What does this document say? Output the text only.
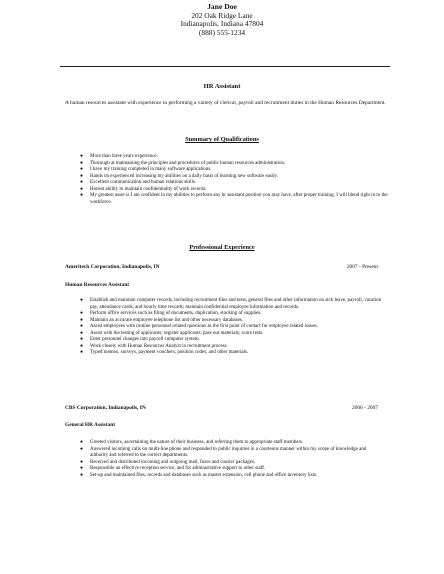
Jane Doe
202 Oak Ridge Lane
Indianapolis, Indiana 47804
(888) 555-1234
HR Assistant
A human resources assistant with experience in performing a variety of clerical, payroll and recruitment duties in the Human Resources Department.
Summary of Qualifications
● More than three years experience.
● Thorough at maintaining the principles and procedures of public human resources administration.
● I have my training completed in many software applications.
● Hands on experienced increasing my abilities on a daily basis of learning new software easily.
● Excellent communication and human relations skills.
● Honest ability to maintain confidentiality of work records.
● My greatest asset is I am confident in my abilities to perform any hr assistant position you may have, after proper training; I will blend right in to the workforce.
Professional Experience
Ameritech Corporation, Indianapolis, IN	2007 - Present
Human Resources Assistant
● Establish and maintain computer records, including recruitment files and tests, general files and other information on sick leave, payroll, vacation pay, attendance cards, and hourly time records; maintain confidential employee information and records.
● Perform office services such as filing of documents, duplication, stocking of supplies.
● Maintain an accurate employee telephone list and other necessary databases.
● Assist employees with routine personnel related questions as the first point of contact for employee related issues.
● Assist with the testing of applicants; register applicants; pass out materials; score tests.
● Enter personnel changes into payroll computer system.
● Work closely with Human Resources Analyst in recruitment process.
● Typed memos, surveys, payment vouchers, position codes, and other materials.
CBS Corporation, Indianapolis, IN	2006 - 2007
General HR Assistant
● Greeted visitors, ascertaining the nature of their business, and referring them to appropriate staff members.
● Answered incoming calls on multi-line phone and responded to public inquiries in a courteous manner within my scope of knowledge and authority and referred to the correct departments.
● Received and distributed incoming and outgoing mail, faxes and courier packages.
● Responsible an effective reception service, and for administrative support to other staff.
● Set-up and maintained files, records and databases such as master extension, cell phone and office inventory lists.
